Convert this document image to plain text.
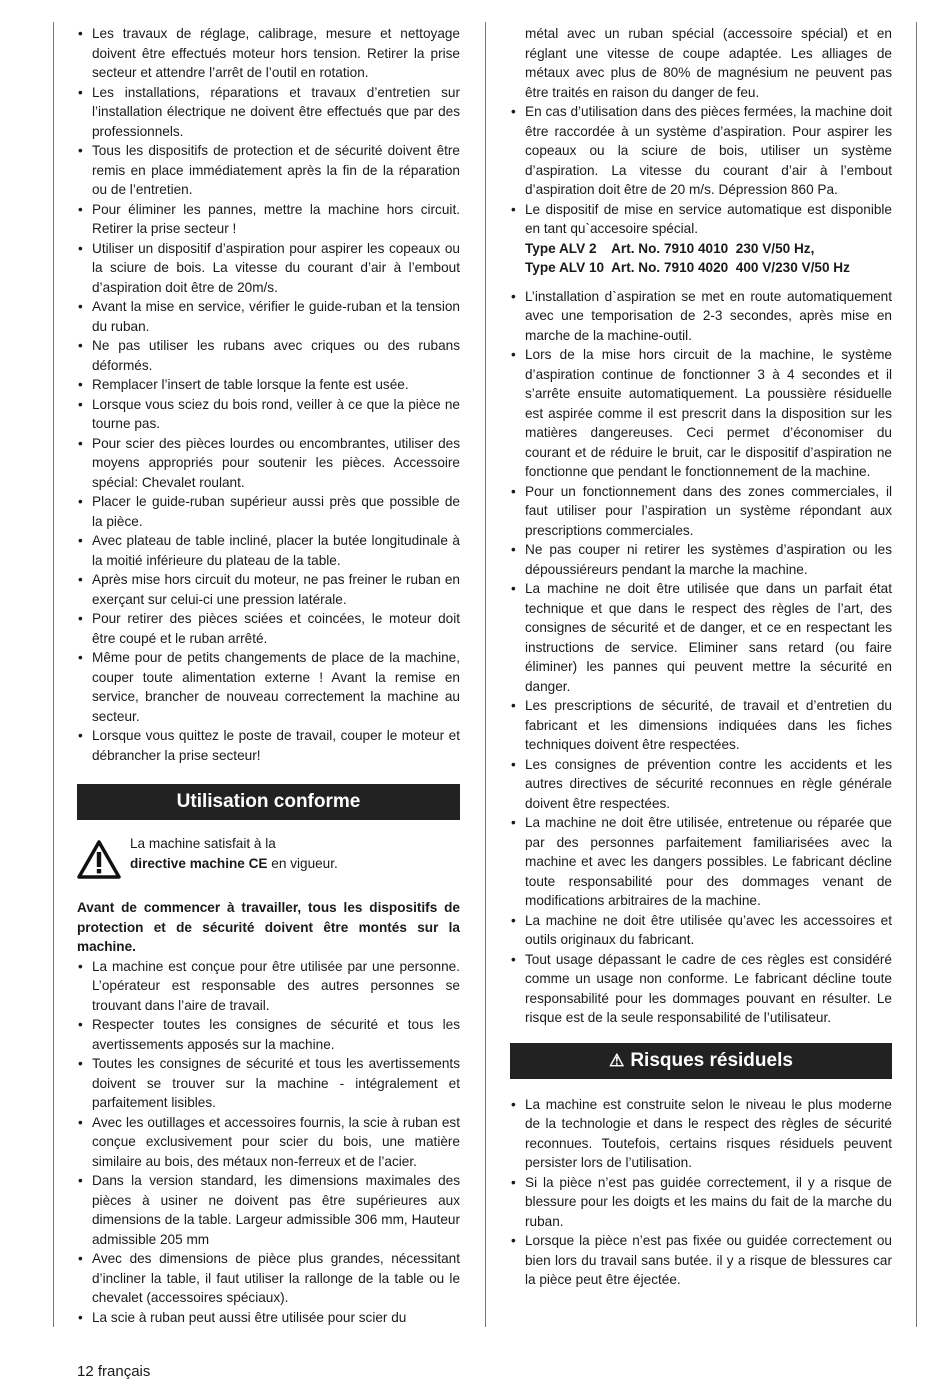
• Les travaux de réglage, calibrage, mesure et nettoyage doivent être effectués moteur hors tension. Retirer la prise secteur et attendre l’arrêt de l’outil en rotation.
• Les installations, réparations et travaux d’entretien sur l’installation électrique ne doivent être effectués que par des professionnels.
• Tous les dispositifs de protection et de sécurité doivent être remis en place immédiatement après la fin de la réparation ou de l’entretien.
• Pour éliminer les pannes, mettre la machine hors circuit. Retirer la prise secteur !
• Utiliser un dispositif d’aspiration pour aspirer les copeaux ou la sciure de bois. La vitesse du courant d’air à l’embout d’aspiration doit être de 20m/s.
• Avant la mise en service, vérifier le guide-ruban et la tension du ruban.
• Ne pas utiliser les rubans avec criques ou des rubans déformés.
• Remplacer l’insert de table lorsque la fente est usée.
• Lorsque vous sciez du bois rond, veiller à ce que la pièce ne tourne pas.
• Pour scier des pièces lourdes ou encombrantes, utiliser des moyens appropriés pour soutenir les pièces. Accessoire spécial: Chevalet roulant.
• Placer le guide-ruban supérieur aussi près que possible de la pièce.
• Avec plateau de table incliné, placer la butée longitudinale à la moitié inférieure du plateau de la table.
• Après mise hors circuit du moteur, ne pas freiner le ruban en exerçant sur celui-ci une pression latérale.
• Pour retirer des pièces sciées et coincées, le moteur doit être coupé et le ruban arrêté.
• Même pour de petits changements de place de la machine, couper toute alimentation externe ! Avant la remise en service, brancher de nouveau correctement la machine au secteur.
• Lorsque vous quittez le poste de travail, couper le moteur et débrancher la prise secteur!
Utilisation conforme
La machine satisfait à la
directive machine CE en vigueur.
Avant de commencer à travailler, tous les dispositifs de protection et de sécurité doivent être montés sur la machine.
• La machine est conçue pour être utilisée par une personne. L’opérateur est responsable des autres personnes se trouvant dans l’aire de travail.
• Respecter toutes les consignes de sécurité et tous les avertissements apposés sur la machine.
• Toutes les consignes de sécurité et tous les avertissements doivent se trouver sur la machine - intégralement et parfaitement lisibles.
• Avec les outillages et accessoires fournis, la scie à ruban est conçue exclusivement pour scier du bois, une matière similaire au bois, des métaux non-ferreux et de l’acier.
• Dans la version standard, les dimensions maximales des pièces à usiner ne doivent pas être supérieures aux dimensions de la table. Largeur admissible 306 mm, Hauteur admissible 205 mm
• Avec des dimensions de pièce plus grandes, nécessitant d’incliner la table, il faut utiliser la rallonge de la table ou le chevalet (accessoires spéciaux).
• La scie à ruban peut aussi être utilisée pour scier du
métal avec un ruban spécial (accessoire spécial) et en réglant une vitesse de coupe adaptée. Les alliages de métaux avec plus de 80% de magnésium ne peuvent pas être traités en raison du danger de feu.
• En cas d’utilisation dans des pièces fermées, la machine doit être raccordée à un système d’aspiration. Pour aspirer les copeaux ou la sciure de bois, utiliser un système d’aspiration. La vitesse du courant d’air à l’embout d’aspiration doit être de 20 m/s. Dépression 860 Pa.
• Le dispositif de mise en service automatique est disponible en tant qu`accesoire spécial.
Type ALV 2    Art. No. 7910 4010  230 V/50 Hz,
Type ALV 10  Art. No. 7910 4020  400 V/230 V/50 Hz
• L’installation d`aspiration se met en route automatiquement avec une temporisation de 2-3 secondes, après mise en marche de la machine-outil.
• Lors de la mise hors circuit de la machine, le système d’aspiration continue de fonctionner 3 à 4 secondes et il s’arrête ensuite automatiquement. La poussière résiduelle est aspirée comme il est prescrit dans la disposition sur les matières dangereuses. Ceci permet d’économiser du courant et de réduire le bruit, car le dispositif d’aspiration ne fonctionne que pendant le fonctionnement de la machine.
• Pour un fonctionnement dans des zones commerciales, il faut utiliser pour l’aspiration un système répondant aux prescriptions commerciales.
• Ne pas couper ni retirer les systèmes d’aspiration ou les dépoussiéreurs pendant la marche la machine.
• La machine ne doit être utilisée que dans un parfait état technique et que dans le respect des règles de l’art, des consignes de sécurité et de danger, et ce en respectant les instructions de service. Eliminer sans retard (ou faire éliminer) les pannes qui peuvent mettre la sécurité en danger.
• Les prescriptions de sécurité, de travail et d’entretien du fabricant et les dimensions indiquées dans les fiches techniques doivent être respectées.
• Les consignes de prévention contre les accidents et les autres directives de sécurité reconnues en règle générale doivent être respectées.
• La machine ne doit être utilisée, entretenue ou réparée que par des personnes parfaitement familiarisées avec la machine et avec les dangers possibles. Le fabricant décline toute responsabilité pour des dommages venant de modifications arbitraires de la machine.
• La machine ne doit être utilisée qu’avec les accessoires et outils originaux du fabricant.
• Tout usage dépassant le cadre de ces règles est considéré comme un usage non conforme. Le fabricant décline toute responsabilité pour les dommages pouvant en résulter. Le risque est de la seule responsabilité de l’utilisateur.
⚠ Risques résiduels
• La machine est construite selon le niveau le plus moderne de la technologie et dans le respect des règles de sécurité reconnues. Toutefois, certains risques résiduels peuvent persister lors de l’utilisation.
• Si la pièce n’est pas guidée correctement, il y a risque de blessure pour les doigts et les mains du fait de la marche du ruban.
• Lorsque la pièce n’est pas fixée ou guidée correctement ou bien lors du travail sans butée. il y a risque de blessures car la pièce peut être éjectée.
12 français
